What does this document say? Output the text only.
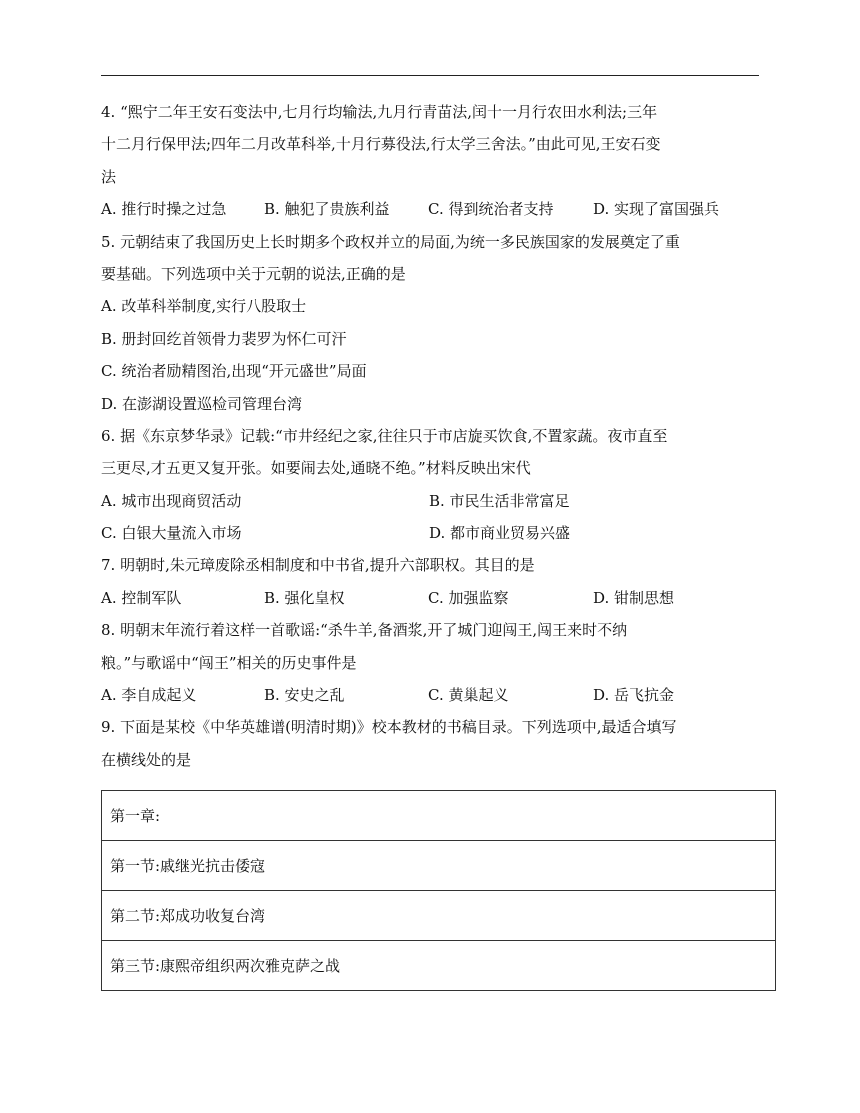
4. “熙宁二年王安石变法中,七月行均输法,九月行青苗法,闰十一月行农田水利法;三年
十二月行保甲法;四年二月改革科举,十月行募役法,行太学三舍法。”由此可见,王安石变
法
A. 推行时操之过急	B. 触犯了贵族利益	C. 得到统治者支持	D. 实现了富国强兵
5. 元朝结束了我国历史上长时期多个政权并立的局面,为统一多民族国家的发展奠定了重
要基础。下列选项中关于元朝的说法,正确的是
A. 改革科举制度,实行八股取士
B. 册封回纥首领骨力裴罗为怀仁可汗
C. 统治者励精图治,出现“开元盛世”局面
D. 在澎湖设置巡检司管理台湾
6. 据《东京梦华录》记载:“市井经纪之家,往往只于市店旋买饮食,不置家蔬。夜市直至
三更尽,才五更又复开张。如要闹去处,通晓不绝。”材料反映出宋代
A. 城市出现商贸活动	B. 市民生活非常富足
C. 白银大量流入市场	D. 都市商业贸易兴盛
7. 明朝时,朱元璋废除丞相制度和中书省,提升六部职权。其目的是
A. 控制军队	B. 强化皇权	C. 加强监察	D. 钳制思想
8. 明朝末年流行着这样一首歌谣:“杀牛羊,备酒浆,开了城门迎闯王,闯王来时不纳
粮。”与歌谣中“闯王”相关的历史事件是
A. 李自成起义	B. 安史之乱	C. 黄巢起义	D. 岳飞抗金
9. 下面是某校《中华英雄谱(明清时期)》校本教材的书稿目录。下列选项中,最适合填写
在横线处的是
第一章:
第一节:戚继光抗击倭寇
第二节:郑成功收复台湾
第三节:康熙帝组织两次雅克萨之战
